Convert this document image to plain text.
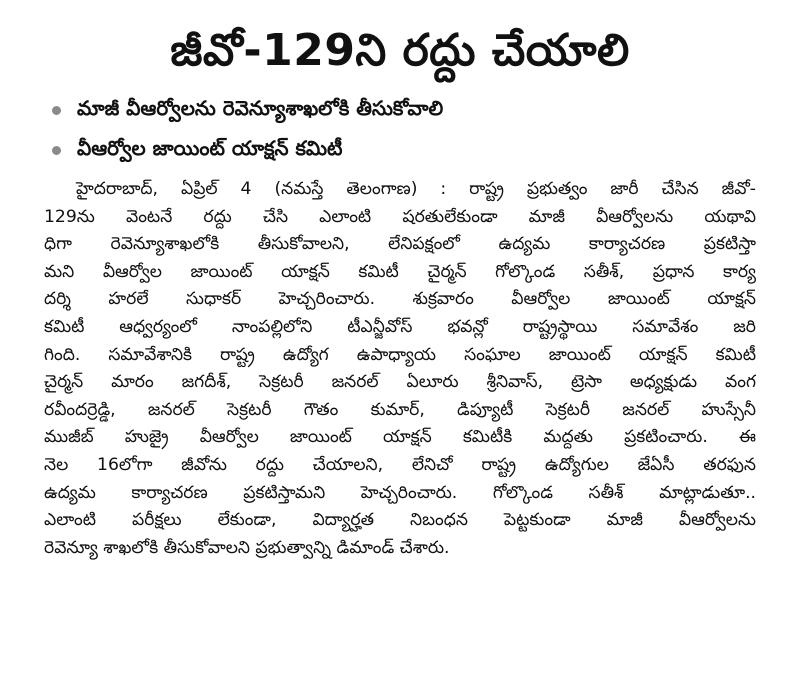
జీవో-129ని రద్దు చేయాలి
మాజీ వీఆర్వోలను రెవెన్యూశాఖలోకి తీసుకోవాలి
వీఆర్వోల జాయింట్ యాక్షన్ కమిటీ

హైదరాబాద్, ఏప్రిల్ 4 (నమస్తే తెలంగాణ) : రాష్ట్ర ప్రభుత్వం జారీ చేసిన జీవో-
129ను వెంటనే రద్దు చేసి ఎలాంటి షరతులేకుండా మాజీ వీఆర్వోలను యథావి
ధిగా రెవెన్యూశాఖలోకి తీసుకోవాలని, లేనిపక్షంలో ఉద్యమ కార్యాచరణ ప్రకటిస్తా
మని వీఆర్వోల జాయింట్ యాక్షన్ కమిటీ చైర్మన్ గోల్కొండ సతీశ్, ప్రధాన కార్య
దర్శి హరలే సుధాకర్ హెచ్చరించారు. శుక్రవారం వీఆర్వోల జాయింట్ యాక్షన్
కమిటీ ఆధ్వర్యంలో నాంపల్లిలోని టీఎన్జీవోస్ భవన్లో రాష్ట్రస్థాయి సమావేశం జరి
గింది. సమావేశానికి రాష్ట్ర ఉద్యోగ ఉపాధ్యాయ సంఘాల జాయింట్ యాక్షన్ కమిటీ
చైర్మన్ మారం జగదీశ్, సెక్రటరీ జనరల్ ఏలూరు శ్రీనివాస్, ట్రెసా అధ్యక్షుడు వంగ
రవీందర్రెడ్డి, జనరల్ సెక్రటరీ గౌతం కుమార్, డిప్యూటీ సెక్రటరీ జనరల్ హుస్సేనీ
ముజీబ్ హుజ్రై వీఆర్వోల జాయింట్ యాక్షన్ కమిటీకి మద్దతు ప్రకటించారు. ఈ
నెల 16లోగా జీవోను రద్దు చేయాలని, లేనిచో రాష్ట్ర ఉద్యోగుల జేఏసీ తరఫున
ఉద్యమ కార్యాచరణ ప్రకటిస్తామని హెచ్చరించారు. గోల్కొండ సతీశ్ మాట్లాడుతూ..
ఎలాంటి పరీక్షలు లేకుండా, విద్యార్హత నిబంధన పెట్టకుండా మాజీ వీఆర్వోలను
రెవెన్యూ శాఖలోకి తీసుకోవాలని ప్రభుత్వాన్ని డిమాండ్ చేశారు.
